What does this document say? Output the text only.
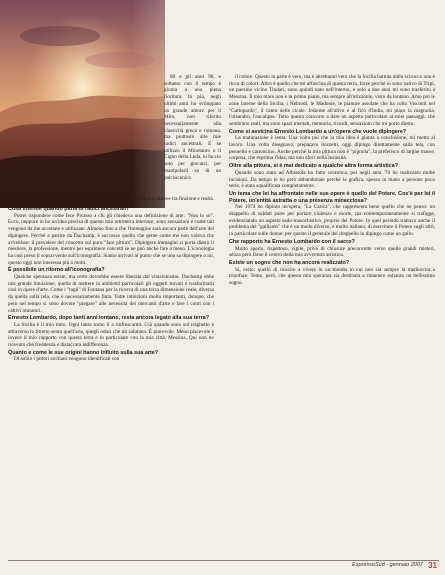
80 e gli anni 90, e soltanto con il tempo è giunta a una piena fioritura. In più, negli ultimi anni ho sviluppato un grande amore per il Mito, non riferito necessariamente alla classicità greca e romana, ma piuttosto alle mie radici ancestrali. E se utilizzo il Minotauro o il Cigno della Leda, lo faccio solo per giocarci, per manipolarli su di un palcoscenico

in cui ci si muove tra finzione e realtà.
Cosa intende quando parla di radici ancestrali?

Potrei rispondere come fece Picasso a chi gli chiedeva una definizione di arte: "Non lo so". Ecco, neppure io ho un'idea precisa di questo mio retroterra interiore, sono sensazioni e come tali vengono da me accettate e utilizzate. Almeno fino a che l'immagine sarà ancora parte dell'arte del dipingere. Perché a partire da Duchamp, è successo quello che gente come me non voleva che avvenisse: il prevalere del concetto sul puro "fare pittura". Dipingere immagini si porta dietro il mestiere, la professione, mentre per esprimere concetti se ne può anche fare a meno. L'iconologia ha così preso il sopravvento sull'iconografia. Siamo arrivati al punto che se uno sa dipingere o no, questo oggi non interessa più a molti.

È possibile un ritorno all'iconografia?

Qualche speranza esiste, ma certo dovrebbe essere liberata dal citazionismo. Duchamp ebbe una grande intuizione, quella di mettere in ambienti particolari gli oggetti trovati e trasformarli così in opere d'arte. Come i "tagli" di Fontana per la ricerca di una terza dimensione reale, diversa da quella sulla tela, che è necessariamente finta. Tutte intuizioni molto importanti, dunque, che però nel tempo si sono dovute "piegare" alle necessità dei mercanti d'arte e fare i conti con i cattivi imitatori.

Ernesto Lombardo, dopo tanti anni lontano, resta ancora legato alla sua terra?

La Sicilia è il mio mito. Ogni tanto torno lì a rinfrescarmi. Già quando sono sul traghetto e attraverso lo Stretto sento quell'aria, quegli odori che mi salutano. È piacevole. Meno piacevole è invece il mio rapporto con questa terra e in particolare con la mia città, Messina. Qui non ho ricevuto che freddezza e distaccata indifferenza.

Quanto e come le sue origini hanno influito sulla sua arte?

Di solito i pittori siciliani vengono identificati con

il colore. Questo in parte è vero, ma è altrettanto vero che la Sicilia battuta dallo scirocco non è ricca di colori. Altro è quello che mi affascina di questa terra, forse perché io sono nativo di Tripi, un paesino vicino Tindari, sono quindi nato nell'interno, e solo a due anni mi sono trasferito a Messina. Il mio mare non è in primo piano, ma sempre all'orizzonte, visto da lontano. Amo poi le zone interne della Sicilia, i Nebrodi, le Madonie, le pianure assolate che ha colto Visconti nel "Gattopardo", il canto delle cicale. Insieme all'ulivo e al fico d'India, mi piace la magnolia, l'oleandro, l'eucalipto. Tutto questo concorre a dare un aspetto particolare ai miei paesaggi, che sembrano reali, ma sono spazi mentali, memoria, ricordi, sensazioni che mi porto dietro.

Come si avvicina Ernesto Lombardo a un'opera che vuole dipingere?

La maturazione è lenta. Una volta poi che la mia idea è giunta a conclusione, mi metto al lavoro. Una volta disegnavo, preparavo bozzetti, oggi dipingo direttamente sulla tela, con pennello e cartoncino. Anche perché la mia pittura non è "pignola", la preferisco di larghe masse, corposa, che esprima l'idea, ma non sfoci nella leziosità.

Oltre alla pittura, si è mai dedicato a qualche altra forma artistica?

Quando sono stato ad Albissola ho fatto ceramica, poi negli anni '70 ho realizzato molte incisioni. Da tempo le ho però abbandonate perché la grafica, spesso in mano a persone poco serie, è stata squalificata completamente.

Un tema che lei ha affrontato nelle sue opere è quello del Potere. Cos'è per lei il Potere, un'entità astratta o una presenza minacciosa?

Nel 1974 ho dipinto un'opera, "La Carica", che rappresenta bene quello che ne penso: un drappello di soldati parte per portare violenza e morte, ma contemporaneamente si trafigge, evidenziando un aspetto sado-masochistico, proprio del Potere. In quel periodo trattavo anche il problema del "gallismo" che è un modo diverso, e molto italiano, di esercitare il Potere sugli altri, in particolare sulle donne; per questo il generale del drappello lo dipingo come un gallo.

Che rapporto ha Ernesto Lombardo con il sacro?

Molto aperto, rispettoso, vigile, privo di chiusure preconcette verso quelle grandi misteri, senza però farne il centro della mia avventura artistica.

Esiste un sogno che non ha ancora realizzato?

Sì, certo: quello di riuscire a vivere in un mondo in cui non sia sempre la mediocrità a trionfare. Temo, però, che questa mia speranza sia destinata a rimanere soltanto un bellissimo sogno.

EspressoSud - gennaio 2007 31
